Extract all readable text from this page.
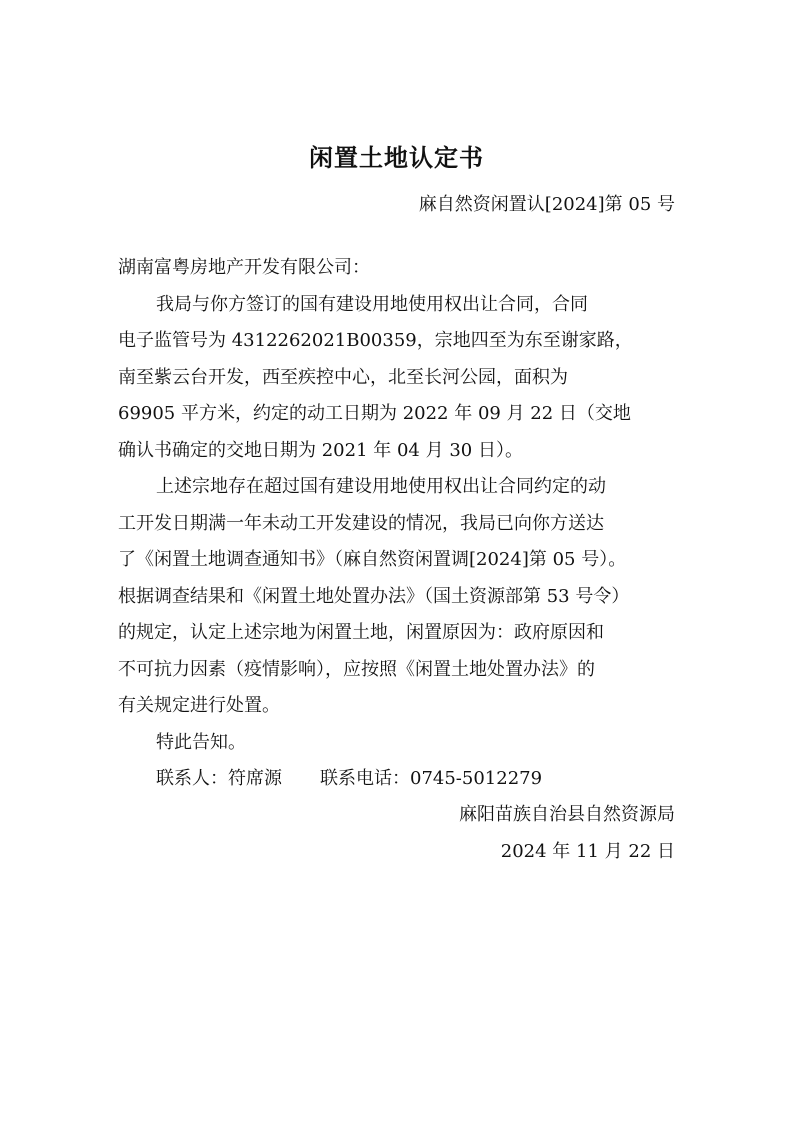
闲置土地认定书
麻自然资闲置认[2024]第 05 号
湖南富粤房地产开发有限公司：
我局与你方签订的国有建设用地使用权出让合同，合同
电子监管号为 4312262021B00359，宗地四至为东至谢家路，
南至紫云台开发，西至疾控中心，北至长河公园，面积为
69905 平方米，约定的动工日期为 2022 年 09 月 22 日（交地
确认书确定的交地日期为 2021 年 04 月 30 日）。
上述宗地存在超过国有建设用地使用权出让合同约定的动
工开发日期满一年未动工开发建设的情况，我局已向你方送达
了《闲置土地调查通知书》（麻自然资闲置调[2024]第 05 号）。
根据调查结果和《闲置土地处置办法》（国土资源部第 53 号令）
的规定，认定上述宗地为闲置土地，闲置原因为：政府原因和
不可抗力因素（疫情影响），应按照《闲置土地处置办法》的
有关规定进行处置。
特此告知。
联系人：符席源 联系电话：0745-5012279
麻阳苗族自治县自然资源局
2024 年 11 月 22 日
